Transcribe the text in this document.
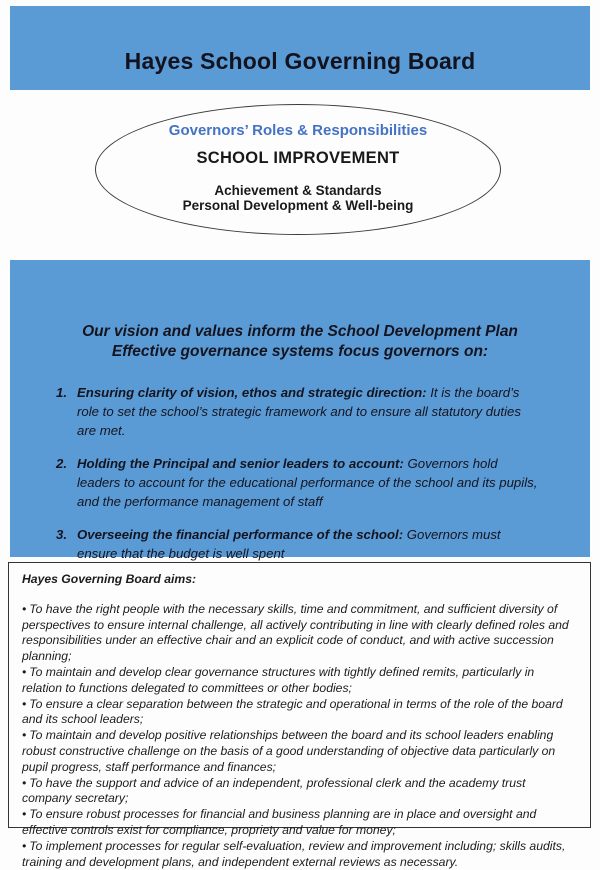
Hayes School Governing Board
Governors’ Roles & Responsibilities
SCHOOL IMPROVEMENT
Achievement & Standards
Personal Development & Well-being
Our vision and values inform the School Development Plan
Effective governance systems focus governors on:
1. Ensuring clarity of vision, ethos and strategic direction: It is the board’s role to set the school’s strategic framework and to ensure all statutory duties are met.
2. Holding the Principal and senior leaders to account: Governors hold leaders to account for the educational performance of the school and its pupils, and the performance management of staff
3. Overseeing the financial performance of the school: Governors must ensure that the budget is well spent
Hayes Governing Board aims:

• To have the right people with the necessary skills, time and commitment, and sufficient diversity of perspectives to ensure internal challenge, all actively contributing in line with clearly defined roles and responsibilities under an effective chair and an explicit code of conduct, and with active succession planning;

• To maintain and develop clear governance structures with tightly defined remits, particularly in relation to functions delegated to committees or other bodies;

• To ensure a clear separation between the strategic and operational in terms of the role of the board and its school leaders;

• To maintain and develop positive relationships between the board and its school leaders enabling robust constructive challenge on the basis of a good understanding of objective data particularly on pupil progress, staff performance and finances;

• To have the support and advice of an independent, professional clerk and the academy trust company secretary;

• To ensure robust processes for financial and business planning are in place and oversight and effective controls exist for compliance, propriety and value for money;

• To implement processes for regular self-evaluation, review and improvement including; skills audits, training and development plans, and independent external reviews as necessary.
